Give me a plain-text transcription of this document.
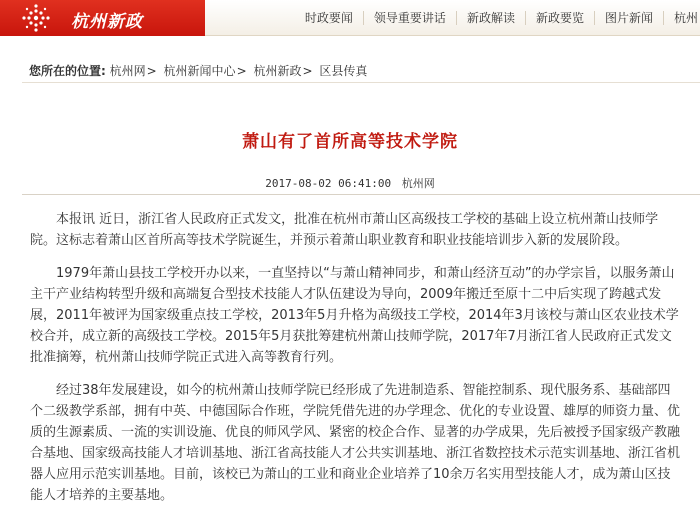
杭州新政	时政要闻	领导重要讲话	新政解读	新政要览	图片新闻	杭州
您所在的位置: 杭州网> 杭州新闻中心> 杭州新政> 区县传真
萧山有了首所高等技术学院
2017-08-02 06:41:00 杭州网

本报讯 近日，浙江省人民政府正式发文，批准在杭州市萧山区高级技工学校的基础上设立杭州萧山技师学院。这标志着萧山区首所高等技术学院诞生，并预示着萧山职业教育和职业技能培训步入新的发展阶段。

1979年萧山县技工学校开办以来，一直坚持以“与萧山精神同步，和萧山经济互动”的办学宗旨，以服务萧山主干产业结构转型升级和高端复合型技术技能人才队伍建设为导向，2009年搬迁至原十二中后实现了跨越式发展，2011年被评为国家级重点技工学校，2013年5月升格为高级技工学校，2014年3月该校与萧山区农业技术学校合并，成立新的高级技工学校。2015年5月获批筹建杭州萧山技师学院，2017年7月浙江省人民政府正式发文批准摘筹，杭州萧山技师学院正式进入高等教育行列。

经过38年发展建设，如今的杭州萧山技师学院已经形成了先进制造系、智能控制系、现代服务系、基础部四个二级教学系部，拥有中英、中德国际合作班，学院凭借先进的办学理念、优化的专业设置、雄厚的师资力量、优质的生源素质、一流的实训设施、优良的师风学风、紧密的校企合作、显著的办学成果，先后被授予国家级产教融合基地、国家级高技能人才培训基地、浙江省高技能人才公共实训基地、浙江省数控技术示范实训基地、浙江省机器人应用示范实训基地。目前，该校已为萧山的工业和商业企业培养了10余万名实用型技能人才，成为萧山区技能人才培养的主要基地。
